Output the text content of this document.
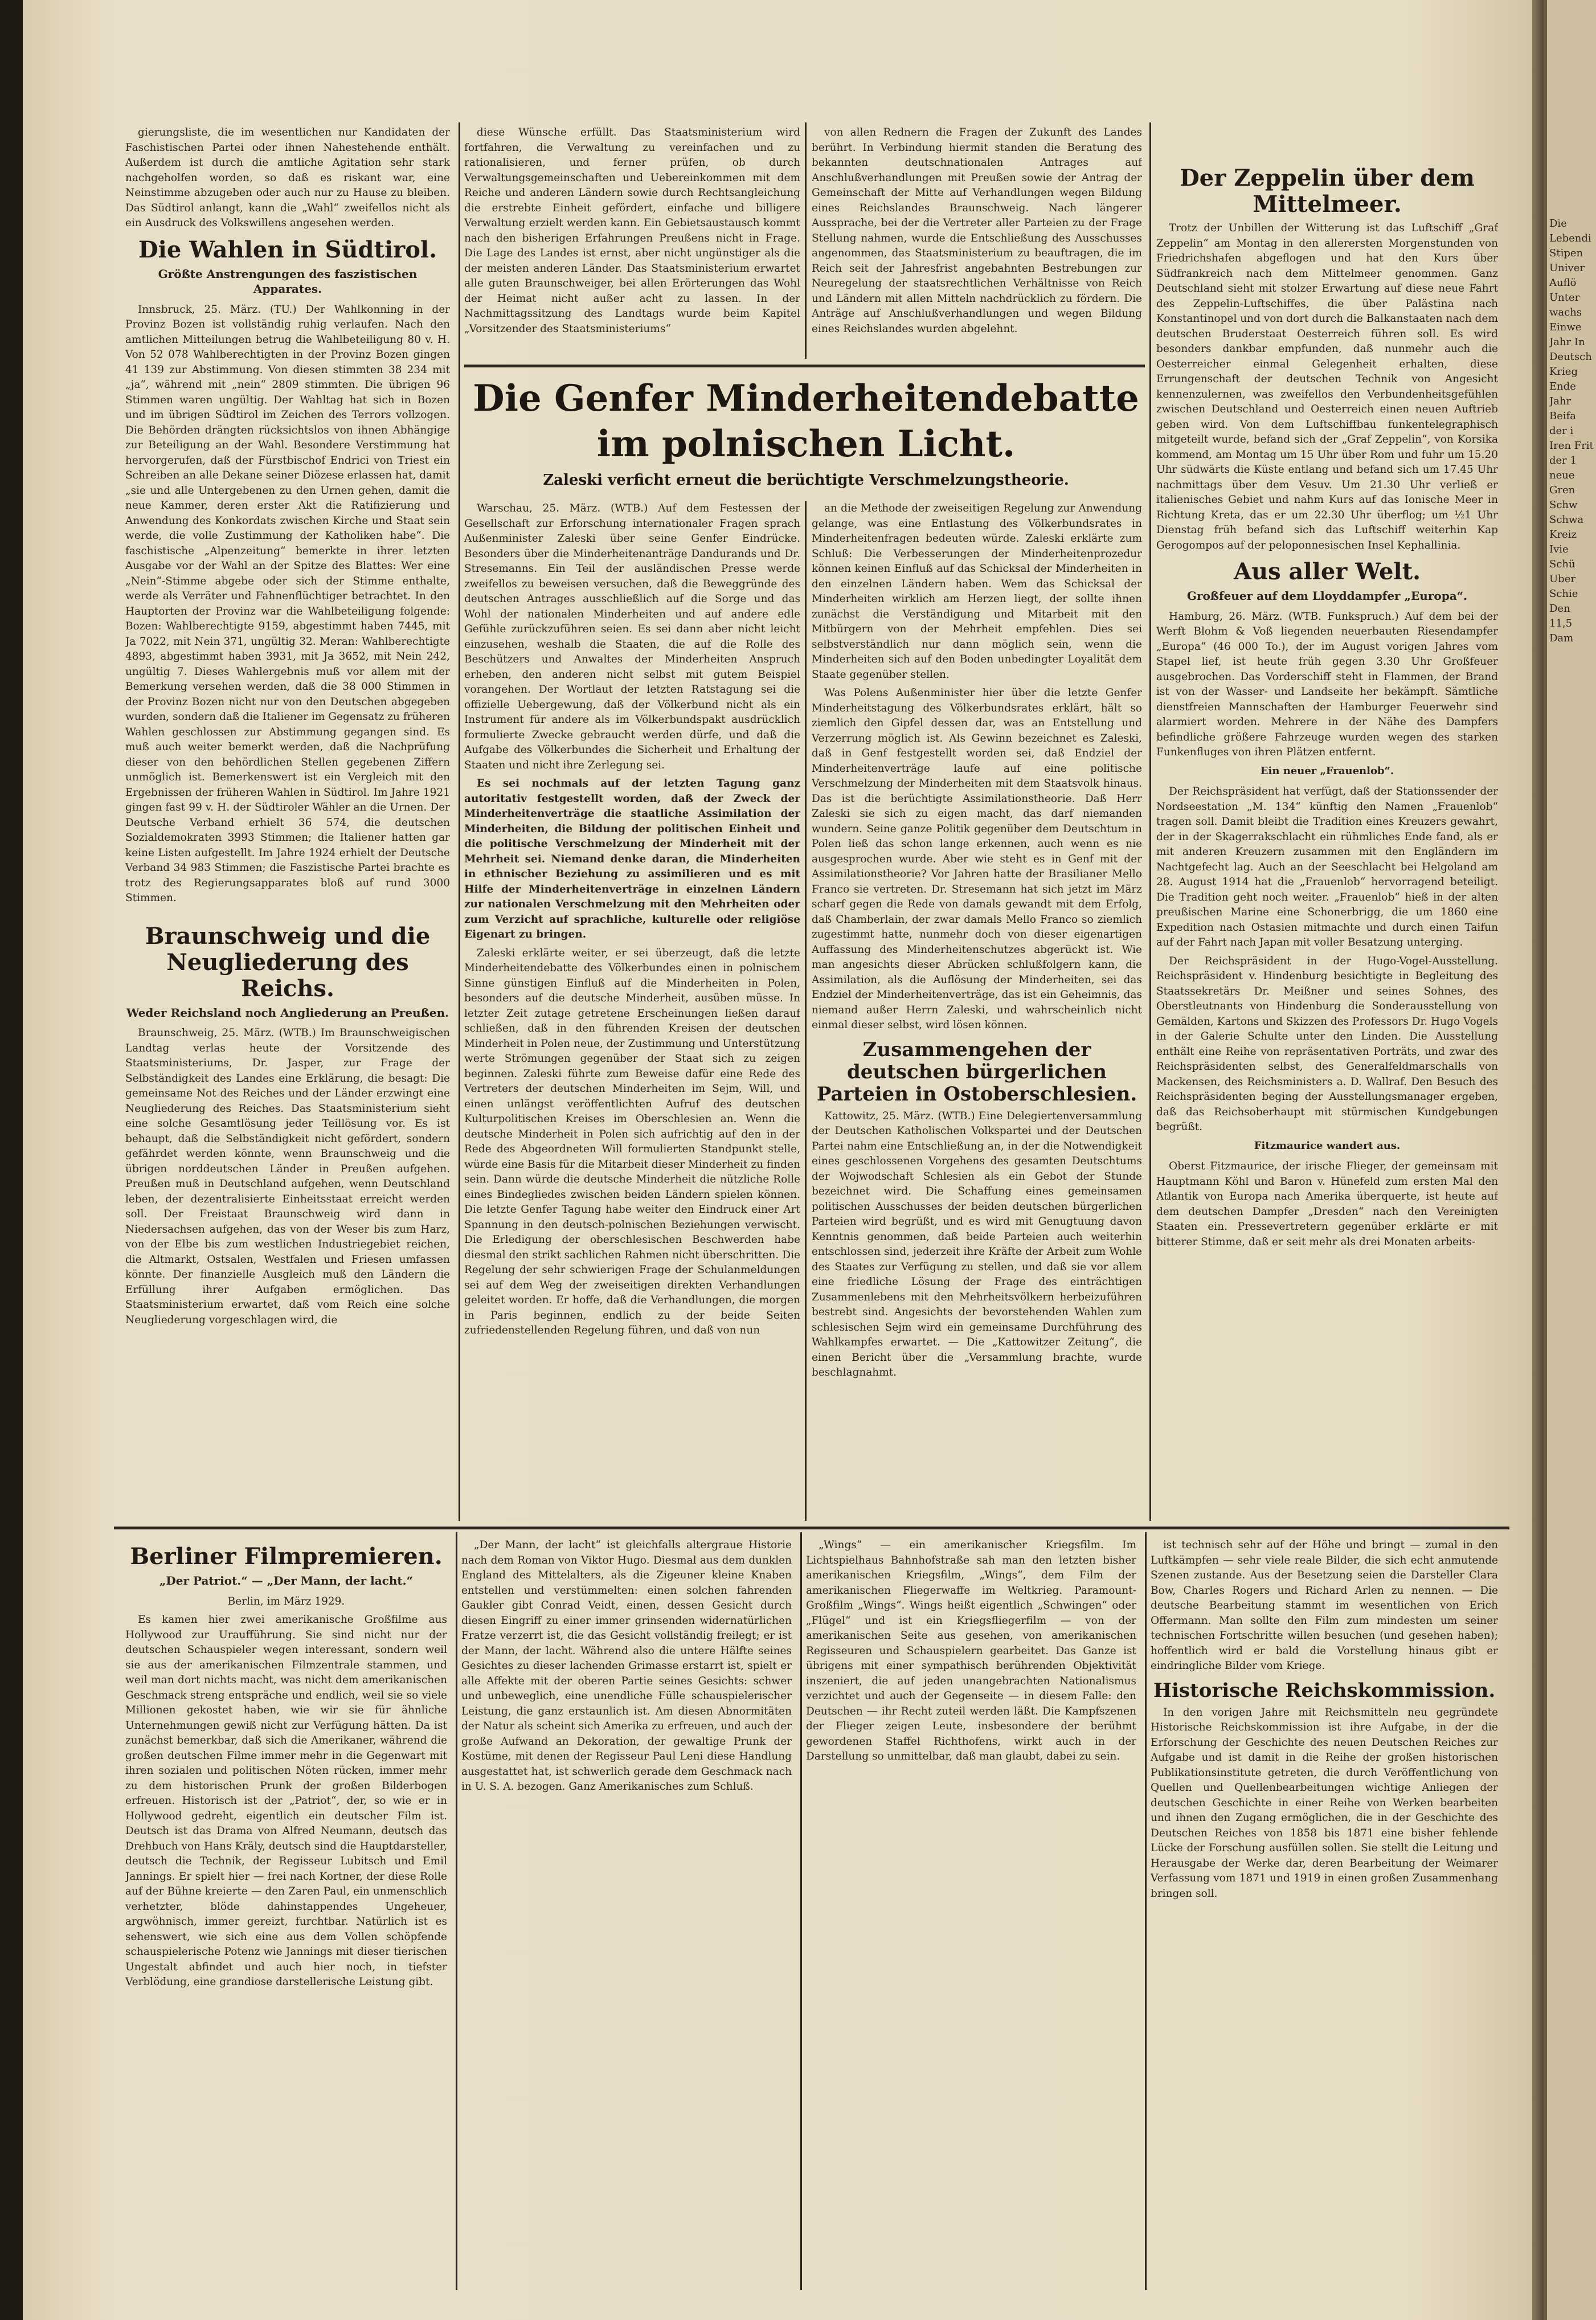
gierungsliste, die im wesentlichen nur Kandidaten der Faschistischen Partei oder ihnen Nahestehende enthält. Außerdem ist durch die amtliche Agitation sehr stark nachgeholfen worden, so daß es riskant war, eine Neinstimme abzugeben oder auch nur zu Hause zu bleiben. Das Südtirol anlangt, kann die „Wahl“ zweifellos nicht als ein Ausdruck des Volkswillens angesehen werden.

Die Wahlen in Südtirol.
Größte Anstrengungen des faszistischen Apparates.

Innsbruck, 25. März. (TU.) Der Wahlkonning in der Provinz Bozen ist vollständig ruhig verlaufen. Nach den amtlichen Mitteilungen betrug die Wahlbeteiligung 80 v. H. Von 52 078 Wahlberechtigten in der Provinz Bozen gingen 41 139 zur Abstimmung. Von diesen stimmten 38 234 mit „ja“, während mit „nein“ 2809 stimmten. Die übrigen 96 Stimmen waren ungültig. Der Wahltag hat sich in Bozen und im übrigen Südtirol im Zeichen des Terrors vollzogen. Die Behörden drängten rücksichtslos von ihnen Abhängige zur Beteiligung an der Wahl. Besondere Verstimmung hat hervorgerufen, daß der Fürstbischof Endrici von Triest ein Schreiben an alle Dekane seiner Diözese erlassen hat, damit „sie und alle Untergebenen zu den Urnen gehen, damit die neue Kammer, deren erster Akt die Ratifizierung und Anwendung des Konkordats zwischen Kirche und Staat sein werde, die volle Zustimmung der Katholiken habe“. Die faschistische „Alpenzeitung“ bemerkte in ihrer letzten Ausgabe vor der Wahl an der Spitze des Blattes: Wer eine „Nein“-Stimme abgebe oder sich der Stimme enthalte, werde als Verräter und Fahnenflüchtiger betrachtet. In den Hauptorten der Provinz war die Wahlbeteiligung folgende: Bozen: Wahlberechtigte 9159, abgestimmt haben 7445, mit Ja 7022, mit Nein 371, ungültig 32. Meran: Wahlberechtigte 4893, abgestimmt haben 3931, mit Ja 3652, mit Nein 242, ungültig 7. Dieses Wahlergebnis muß vor allem mit der Bemerkung versehen werden, daß die 38 000 Stimmen in der Provinz Bozen nicht nur von den Deutschen abgegeben wurden, sondern daß die Italiener im Gegensatz zu früheren Wahlen geschlossen zur Abstimmung gegangen sind. Es muß auch weiter bemerkt werden, daß die Nachprüfung dieser von den behördlichen Stellen gegebenen Ziffern unmöglich ist. Bemerkenswert ist ein Vergleich mit den Ergebnissen der früheren Wahlen in Südtirol. Im Jahre 1921 gingen fast 99 v. H. der Südtiroler Wähler an die Urnen. Der Deutsche Verband erhielt 36 574, die deutschen Sozialdemokraten 3993 Stimmen; die Italiener hatten gar keine Listen aufgestellt. Im Jahre 1924 erhielt der Deutsche Verband 34 983 Stimmen; die Faszistische Partei brachte es trotz des Regierungsapparates bloß auf rund 3000 Stimmen.

Braunschweig und die Neugliederung des Reichs.
Weder Reichsland noch Angliederung an Preußen.

Braunschweig, 25. März. (WTB.) Im Braunschweigischen Landtag verlas heute der Vorsitzende des Staatsministeriums, Dr. Jasper, zur Frage der Selbständigkeit des Landes eine Erklärung, die besagt: Die gemeinsame Not des Reiches und der Länder erzwingt eine Neugliederung des Reiches. Das Staatsministerium sieht eine solche Gesamtlösung jeder Teillösung vor. Es ist behaupt, daß die Selbständigkeit nicht gefördert, sondern gefährdet werden könnte, wenn Braunschweig und die übrigen norddeutschen Länder in Preußen aufgehen. Preußen muß in Deutschland aufgehen, wenn Deutschland leben, der dezentralisierte Einheitsstaat erreicht werden soll. Der Freistaat Braunschweig wird dann in Niedersachsen aufgehen, das von der Weser bis zum Harz, von der Elbe bis zum westlichen Industriegebiet reichen, die Altmarkt, Ostsalen, Westfalen und Friesen umfassen könnte. Der finanzielle Ausgleich muß den Ländern die Erfüllung ihrer Aufgaben ermöglichen. Das Staatsministerium erwartet, daß vom Reich eine solche Neugliederung vorgeschlagen wird, die

diese Wünsche erfüllt. Das Staatsministerium wird fortfahren, die Verwaltung zu vereinfachen und zu rationalisieren, und ferner prüfen, ob durch Verwaltungsgemeinschaften und Uebereinkommen mit dem Reiche und anderen Ländern sowie durch Rechtsangleichung die erstrebte Einheit gefördert, einfache und billigere Verwaltung erzielt werden kann. Ein Gebietsaustausch kommt nach den bisherigen Erfahrungen Preußens nicht in Frage. Die Lage des Landes ist ernst, aber nicht ungünstiger als die der meisten anderen Länder. Das Staatsministerium erwartet alle guten Braunschweiger, bei allen Erörterungen das Wohl der Heimat nicht außer acht zu lassen. In der Nachmittagssitzung des Landtags wurde beim Kapitel „Vorsitzender des Staatsministeriums“

von allen Rednern die Fragen der Zukunft des Landes berührt. In Verbindung hiermit standen die Beratung des bekannten deutschnationalen Antrages auf Anschlußverhandlungen mit Preußen sowie der Antrag der Gemeinschaft der Mitte auf Verhandlungen wegen Bildung eines Reichslandes Braunschweig. Nach längerer Aussprache, bei der die Vertreter aller Parteien zu der Frage Stellung nahmen, wurde die Entschließung des Ausschusses angenommen, das Staatsministerium zu beauftragen, die im Reich seit der Jahresfrist angebahnten Bestrebungen zur Neuregelung der staatsrechtlichen Verhältnisse von Reich und Ländern mit allen Mitteln nachdrücklich zu fördern. Die Anträge auf Anschlußverhandlungen und wegen Bildung eines Reichslandes wurden abgelehnt.

Die Genfer Minderheitendebatte
im polnischen Licht.
Zaleski verficht erneut die berüchtigte Verschmelzungstheorie.

Warschau, 25. März. (WTB.) Auf dem Festessen der Gesellschaft zur Erforschung internationaler Fragen sprach Außenminister Zaleski über seine Genfer Eindrücke. Besonders über die Minderheitenanträge Dandurands und Dr. Stresemanns. Ein Teil der ausländischen Presse werde zweifellos zu beweisen versuchen, daß die Beweggründe des deutschen Antrages ausschließlich auf die Sorge und das Wohl der nationalen Minderheiten und auf andere edle Gefühle zurückzuführen seien. Es sei dann aber nicht leicht einzusehen, weshalb die Staaten, die auf die Rolle des Beschützers und Anwaltes der Minderheiten Anspruch erheben, den anderen nicht selbst mit gutem Beispiel vorangehen. Der Wortlaut der letzten Ratstagung sei die offizielle Uebergewung, daß der Völkerbund nicht als ein Instrument für andere als im Völkerbundspakt ausdrücklich formulierte Zwecke gebraucht werden dürfe, und daß die Aufgabe des Völkerbundes die Sicherheit und Erhaltung der Staaten und nicht ihre Zerlegung sei.

Es sei nochmals auf der letzten Tagung ganz autoritativ festgestellt worden, daß der Zweck der Minderheitenverträge die staatliche Assimilation der Minderheiten, die Bildung der politischen Einheit und die politische Verschmelzung der Minderheit mit der Mehrheit sei. Niemand denke daran, die Minderheiten in ethnischer Beziehung zu assimilieren und es mit Hilfe der Minderheitenverträge in einzelnen Ländern zur nationalen Verschmelzung mit den Mehrheiten oder zum Verzicht auf sprachliche, kulturelle oder religiöse Eigenart zu bringen.

Zaleski erklärte weiter, er sei überzeugt, daß die letzte Minderheitendebatte des Völkerbundes einen in polnischem Sinne günstigen Einfluß auf die Minderheiten in Polen, besonders auf die deutsche Minderheit, ausüben müsse. In letzter Zeit zutage getretene Erscheinungen ließen darauf schließen, daß in den führenden Kreisen der deutschen Minderheit in Polen neue, der Zustimmung und Unterstützung werte Strömungen gegenüber der Staat sich zu zeigen beginnen. Zaleski führte zum Beweise dafür eine Rede des Vertreters der deutschen Minderheiten im Sejm, Will, und einen unlängst veröffentlichten Aufruf des deutschen Kulturpolitischen Kreises im Oberschlesien an. Wenn die deutsche Minderheit in Polen sich aufrichtig auf den in der Rede des Abgeordneten Will formulierten Standpunkt stelle, würde eine Basis für die Mitarbeit dieser Minderheit zu finden sein. Dann würde die deutsche Minderheit die nützliche Rolle eines Bindegliedes zwischen beiden Ländern spielen können. Die letzte Genfer Tagung habe weiter den Eindruck einer Art Spannung in den deutsch-polnischen Beziehungen verwischt. Die Erledigung der oberschlesischen Beschwerden habe diesmal den strikt sachlichen Rahmen nicht überschritten. Die Regelung der sehr schwierigen Frage der Schulanmeldungen sei auf dem Weg der zweiseitigen direkten Verhandlungen geleitet worden. Er hoffe, daß die Verhandlungen, die morgen in Paris beginnen, endlich zu der beide Seiten zufriedenstellenden Regelung führen, und daß von nun

an die Methode der zweiseitigen Regelung zur Anwendung gelange, was eine Entlastung des Völkerbundsrates in Minderheitenfragen bedeuten würde. Zaleski erklärte zum Schluß: Die Verbesserungen der Minderheitenprozedur können keinen Einfluß auf das Schicksal der Minderheiten in den einzelnen Ländern haben. Wem das Schicksal der Minderheiten wirklich am Herzen liegt, der sollte ihnen zunächst die Verständigung und Mitarbeit mit den Mitbürgern von der Mehrheit empfehlen. Dies sei selbstverständlich nur dann möglich sein, wenn die Minderheiten sich auf den Boden unbedingter Loyalität dem Staate gegenüber stellen.

Was Polens Außenminister hier über die letzte Genfer Minderheitstagung des Völkerbundsrates erklärt, hält so ziemlich den Gipfel dessen dar, was an Entstellung und Verzerrung möglich ist. Als Gewinn bezeichnet es Zaleski, daß in Genf festgestellt worden sei, daß Endziel der Minderheitenverträge laufe auf eine politische Verschmelzung der Minderheiten mit dem Staatsvolk hinaus. Das ist die berüchtigte Assimilationstheorie. Daß Herr Zaleski sie sich zu eigen macht, das darf niemanden wundern. Seine ganze Politik gegenüber dem Deutschtum in Polen ließ das schon lange erkennen, auch wenn es nie ausgesprochen wurde. Aber wie steht es in Genf mit der Assimilationstheorie? Vor Jahren hatte der Brasilianer Mello Franco sie vertreten. Dr. Stresemann hat sich jetzt im März scharf gegen die Rede von damals gewandt mit dem Erfolg, daß Chamberlain, der zwar damals Mello Franco so ziemlich zugestimmt hatte, nunmehr doch von dieser eigenartigen Auffassung des Minderheitenschutzes abgerückt ist. Wie man angesichts dieser Abrücken schlußfolgern kann, die Assimilation, als die Auflösung der Minderheiten, sei das Endziel der Minderheitenverträge, das ist ein Geheimnis, das niemand außer Herrn Zaleski, und wahrscheinlich nicht einmal dieser selbst, wird lösen können.

Zusammengehen der deutschen bürgerlichen Parteien in Ostoberschlesien.

Kattowitz, 25. März. (WTB.) Eine Delegiertenversammlung der Deutschen Katholischen Volkspartei und der Deutschen Partei nahm eine Entschließung an, in der die Notwendigkeit eines geschlossenen Vorgehens des gesamten Deutschtums der Wojwodschaft Schlesien als ein Gebot der Stunde bezeichnet wird. Die Schaffung eines gemeinsamen politischen Ausschusses der beiden deutschen bürgerlichen Parteien wird begrüßt, und es wird mit Genugtuung davon Kenntnis genommen, daß beide Parteien auch weiterhin entschlossen sind, jederzeit ihre Kräfte der Arbeit zum Wohle des Staates zur Verfügung zu stellen, und daß sie vor allem eine friedliche Lösung der Frage des einträchtigen Zusammenlebens mit den Mehrheitsvölkern herbeizuführen bestrebt sind. Angesichts der bevorstehenden Wahlen zum schlesischen Sejm wird ein gemeinsame Durchführung des Wahlkampfes erwartet. — Die „Kattowitzer Zeitung“, die einen Bericht über die „Versammlung brachte, wurde beschlagnahmt.

Der Zeppelin über dem Mittelmeer.

Trotz der Unbillen der Witterung ist das Luftschiff „Graf Zeppelin“ am Montag in den allerersten Morgenstunden von Friedrichshafen abgeflogen und hat den Kurs über Südfrankreich nach dem Mittelmeer genommen. Ganz Deutschland sieht mit stolzer Erwartung auf diese neue Fahrt des Zeppelin-Luftschiffes, die über Palästina nach Konstantinopel und von dort durch die Balkanstaaten nach dem deutschen Bruderstaat Oesterreich führen soll. Es wird besonders dankbar empfunden, daß nunmehr auch die Oesterreicher einmal Gelegenheit erhalten, diese Errungenschaft der deutschen Technik von Angesicht kennenzulernen, was zweifellos den Verbundenheitsgefühlen zwischen Deutschland und Oesterreich einen neuen Auftrieb geben wird. Von dem Luftschiffbau funkentelegraphisch mitgeteilt wurde, befand sich der „Graf Zeppelin“, von Korsika kommend, am Montag um 15 Uhr über Rom und fuhr um 15.20 Uhr südwärts die Küste entlang und befand sich um 17.45 Uhr nachmittags über dem Vesuv. Um 21.30 Uhr verließ er italienisches Gebiet und nahm Kurs auf das Ionische Meer in Richtung Kreta, das er um 22.30 Uhr überflog; um ½1 Uhr Dienstag früh befand sich das Luftschiff weiterhin Kap Gerogompos auf der peloponnesischen Insel Kephallinia.

Aus aller Welt.
Großfeuer auf dem Lloyddampfer „Europa“.

Hamburg, 26. März. (WTB. Funkspruch.) Auf dem bei der Werft Blohm & Voß liegenden neuerbauten Riesendampfer „Europa“ (46 000 To.), der im August vorigen Jahres vom Stapel lief, ist heute früh gegen 3.30 Uhr Großfeuer ausgebrochen. Das Vorderschiff steht in Flammen, der Brand ist von der Wasser- und Landseite her bekämpft. Sämtliche dienstfreien Mannschaften der Hamburger Feuerwehr sind alarmiert worden. Mehrere in der Nähe des Dampfers befindliche größere Fahrzeuge wurden wegen des starken Funkenfluges von ihren Plätzen entfernt.

Ein neuer „Frauenlob“.

Der Reichspräsident hat verfügt, daß der Stationssender der Nordseestation „M. 134“ künftig den Namen „Frauenlob“ tragen soll. Damit bleibt die Tradition eines Kreuzers gewahrt, der in der Skagerrakschlacht ein rühmliches Ende fand, als er mit anderen Kreuzern zusammen mit den Engländern im Nachtgefecht lag. Auch an der Seeschlacht bei Helgoland am 28. August 1914 hat die „Frauenlob“ hervorragend beteiligt. Die Tradition geht noch weiter. „Frauenlob“ hieß in der alten preußischen Marine eine Schonerbrigg, die um 1860 eine Expedition nach Ostasien mitmachte und durch einen Taifun auf der Fahrt nach Japan mit voller Besatzung unterging.

Der Reichspräsident in der Hugo-Vogel-Ausstellung. Reichspräsident v. Hindenburg besichtigte in Begleitung des Staatssekretärs Dr. Meißner und seines Sohnes, des Oberstleutnants von Hindenburg die Sonderausstellung von Gemälden, Kartons und Skizzen des Professors Dr. Hugo Vogels in der Galerie Schulte unter den Linden. Die Ausstellung enthält eine Reihe von repräsentativen Porträts, und zwar des Reichspräsidenten selbst, des Generalfeldmarschalls von Mackensen, des Reichsministers a. D. Wallraf. Den Besuch des Reichspräsidenten beging der Ausstellungsmanager ergeben, daß das Reichsoberhaupt mit stürmischen Kundgebungen begrüßt.

Fitzmaurice wandert aus.

Oberst Fitzmaurice, der irische Flieger, der gemeinsam mit Hauptmann Köhl und Baron v. Hünefeld zum ersten Mal den Atlantik von Europa nach Amerika überquerte, ist heute auf dem deutschen Dampfer „Dresden“ nach den Vereinigten Staaten ein. Pressevertretern gegenüber erklärte er mit bitterer Stimme, daß er seit mehr als drei Monaten arbeits-

Berliner Filmpremieren.
„Der Patriot.“ — „Der Mann, der lacht.“
Berlin, im März 1929.

Es kamen hier zwei amerikanische Großfilme aus Hollywood zur Uraufführung. Sie sind nicht nur der deutschen Schauspieler wegen interessant, sondern weil sie aus der amerikanischen Filmzentrale stammen, und weil man dort nichts macht, was nicht dem amerikanischen Geschmack streng entspräche und endlich, weil sie so viele Millionen gekostet haben, wie wir sie für ähnliche Unternehmungen gewiß nicht zur Verfügung hätten. Da ist zunächst bemerkbar, daß sich die Amerikaner, während die großen deutschen Filme immer mehr in die Gegenwart mit ihren sozialen und politischen Nöten rücken, immer mehr zu dem historischen Prunk der großen Bilderbogen erfreuen. Historisch ist der „Patriot“, der, so wie er in Hollywood gedreht, eigentlich ein deutscher Film ist. Deutsch ist das Drama von Alfred Neumann, deutsch das Drehbuch von Hans Kräly, deutsch sind die Hauptdarsteller, deutsch die Technik, der Regisseur Lubitsch und Emil Jannings. Er spielt hier — frei nach Kortner, der diese Rolle auf der Bühne kreierte — den Zaren Paul, ein unmenschlich verhetzter, blöde dahinstappendes Ungeheuer, argwöhnisch, immer gereizt, furchtbar. Natürlich ist es sehenswert, wie sich eine aus dem Vollen schöpfende schauspielerische Potenz wie Jannings mit dieser tierischen Ungestalt abfindet und auch hier noch, in tiefster Verblödung, eine grandiose darstellerische Leistung gibt.

„Der Mann, der lacht“ ist gleichfalls altergraue Historie nach dem Roman von Viktor Hugo. Diesmal aus dem dunklen England des Mittelalters, als die Zigeuner kleine Knaben entstellen und verstümmelten: einen solchen fahrenden Gaukler gibt Conrad Veidt, einen, dessen Gesicht durch diesen Eingriff zu einer immer grinsenden widernatürlichen Fratze verzerrt ist, die das Gesicht vollständig freilegt; er ist der Mann, der lacht. Während also die untere Hälfte seines Gesichtes zu dieser lachenden Grimasse erstarrt ist, spielt er alle Affekte mit der oberen Partie seines Gesichts: schwer und unbeweglich, eine unendliche Fülle schauspielerischer Leistung, die ganz erstaunlich ist. Am diesen Abnormitäten der Natur als scheint sich Amerika zu erfreuen, und auch der große Aufwand an Dekoration, der gewaltige Prunk der Kostüme, mit denen der Regisseur Paul Leni diese Handlung ausgestattet hat, ist schwerlich gerade dem Geschmack nach in U. S. A. bezogen. Ganz Amerikanisches zum Schluß.

„Wings“ — ein amerikanischer Kriegsfilm. Im Lichtspielhaus Bahnhofstraße sah man den letzten bisher amerikanischen Kriegsfilm, „Wings“, dem Film der amerikanischen Fliegerwaffe im Weltkrieg. Paramount-Großfilm „Wings“. Wings heißt eigentlich „Schwingen“ oder „Flügel“ und ist ein Kriegsfliegerfilm — von der amerikanischen Seite aus gesehen, von amerikanischen Regisseuren und Schauspielern gearbeitet. Das Ganze ist übrigens mit einer sympathisch berührenden Objektivität inszeniert, die auf jeden unangebrachten Nationalismus verzichtet und auch der Gegenseite — in diesem Falle: den Deutschen — ihr Recht zuteil werden läßt. Die Kampfszenen der Flieger zeigen Leute, insbesondere der berühmt gewordenen Staffel Richthofens, wirkt auch in der Darstellung so unmittelbar, daß man glaubt, dabei zu sein.

ist technisch sehr auf der Höhe und bringt — zumal in den Luftkämpfen — sehr viele reale Bilder, die sich echt anmutende Szenen zustande. Aus der Besetzung seien die Darsteller Clara Bow, Charles Rogers und Richard Arlen zu nennen. — Die deutsche Bearbeitung stammt im wesentlichen von Erich Offermann. Man sollte den Film zum mindesten um seiner technischen Fortschritte willen besuchen (und gesehen haben); hoffentlich wird er bald die Vorstellung hinaus gibt er eindringliche Bilder vom Kriege.

Historische Reichskommission.

In den vorigen Jahre mit Reichsmitteln neu gegründete Historische Reichskommission ist ihre Aufgabe, in der die Erforschung der Geschichte des neuen Deutschen Reiches zur Aufgabe und ist damit in die Reihe der großen historischen Publikationsinstitute getreten, die durch Veröffentlichung von Quellen und Quellenbearbeitungen wichtige Anliegen der deutschen Geschichte in einer Reihe von Werken bearbeiten und ihnen den Zugang ermöglichen, die in der Geschichte des Deutschen Reiches von 1858 bis 1871 eine bisher fehlende Lücke der Forschung ausfüllen sollen. Sie stellt die Leitung und Herausgabe der Werke dar, deren Bearbeitung der Weimarer Verfassung vom 1871 und 1919 in einen großen Zusammenhang bringen soll.

Die Lebendi Stipen Univer Auflö Unter wachs Einwe Jahr In Deutsch Krieg Ende Jahr Beifa der i Iren Frit der 1 neue Gren Schw Schwa Kreiz Ivie Schü Uber Schie Den 11,5 Dam
